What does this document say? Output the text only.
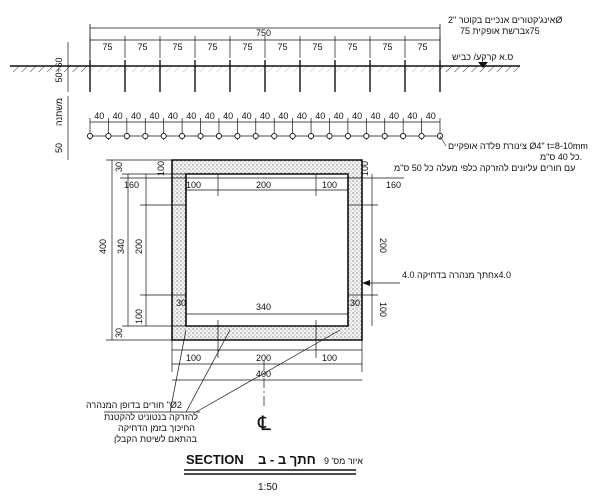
750
75	75	75	75	75	75	75	75	75	75
אינג'קטורים אנכיים בקוטר "2Ø
ברשת אופקית 75x75
ס.א קרקע/ כביש
50÷60
40 40 40 40 40 40 40 40 40 40 40 40 40 40 40 40 40 40 40
משתנה
50	צינורת פלדה אופקיים Ø4" t=8-10mm
כל 40 ס"מ.
עם חורים עליונים להזרקה כלפי מעלה כל 50 ס"מ
30	100	100
160	160
100	200	100
400 340 200
100
30
200
100
30	30
340
100	200	100
400
חתך מנהרה בדחיקה 4.0x4.0
חורים בדופן המנהרה "Ø2
להזרקה בנטוניט להקטנת
החיכוך בזמן הדחיקה
בהתאם לשיטת הקבלן
℄
SECTION חתך ב - ב איור מס' 9
1:50
